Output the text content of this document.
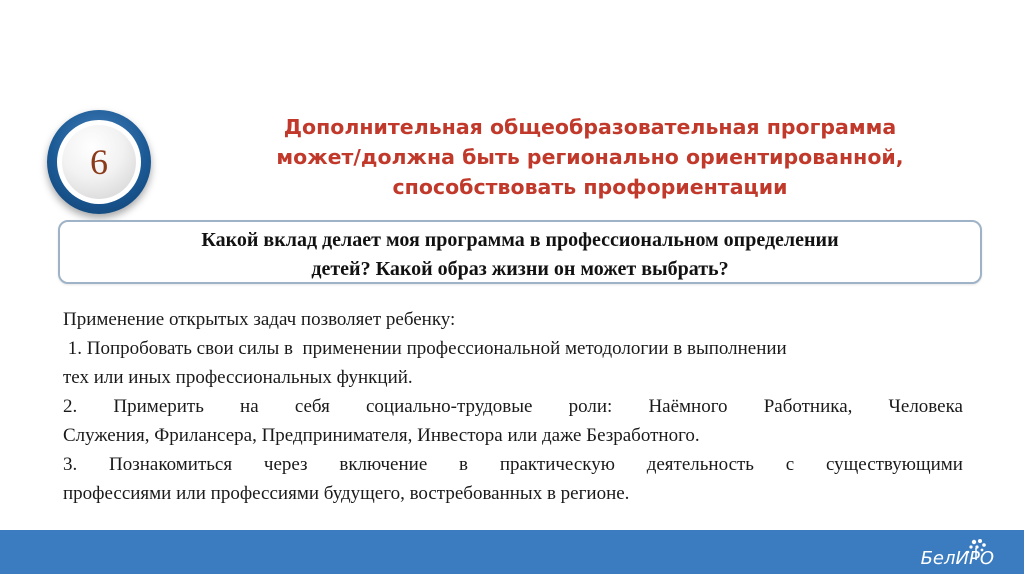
6
Дополнительная общеобразовательная программа
может/должна быть регионально ориентированной,
способствовать профориентации
Какой вклад делает моя программа в профессиональном определении
детей? Какой образ жизни он может выбрать?
Применение открытых задач позволяет ребенку:
1. Попробовать свои силы в  применении профессиональной методологии в выполнении
тех или иных профессиональных функций.
2. Примерить на себя социально-трудовые роли: Наёмного Работника, Человека
Служения, Фрилансера, Предпринимателя, Инвестора или даже Безработного.
3. Познакомиться через включение в практическую деятельность с существующими
профессиями или профессиями будущего, востребованных в регионе.
БелИРО
